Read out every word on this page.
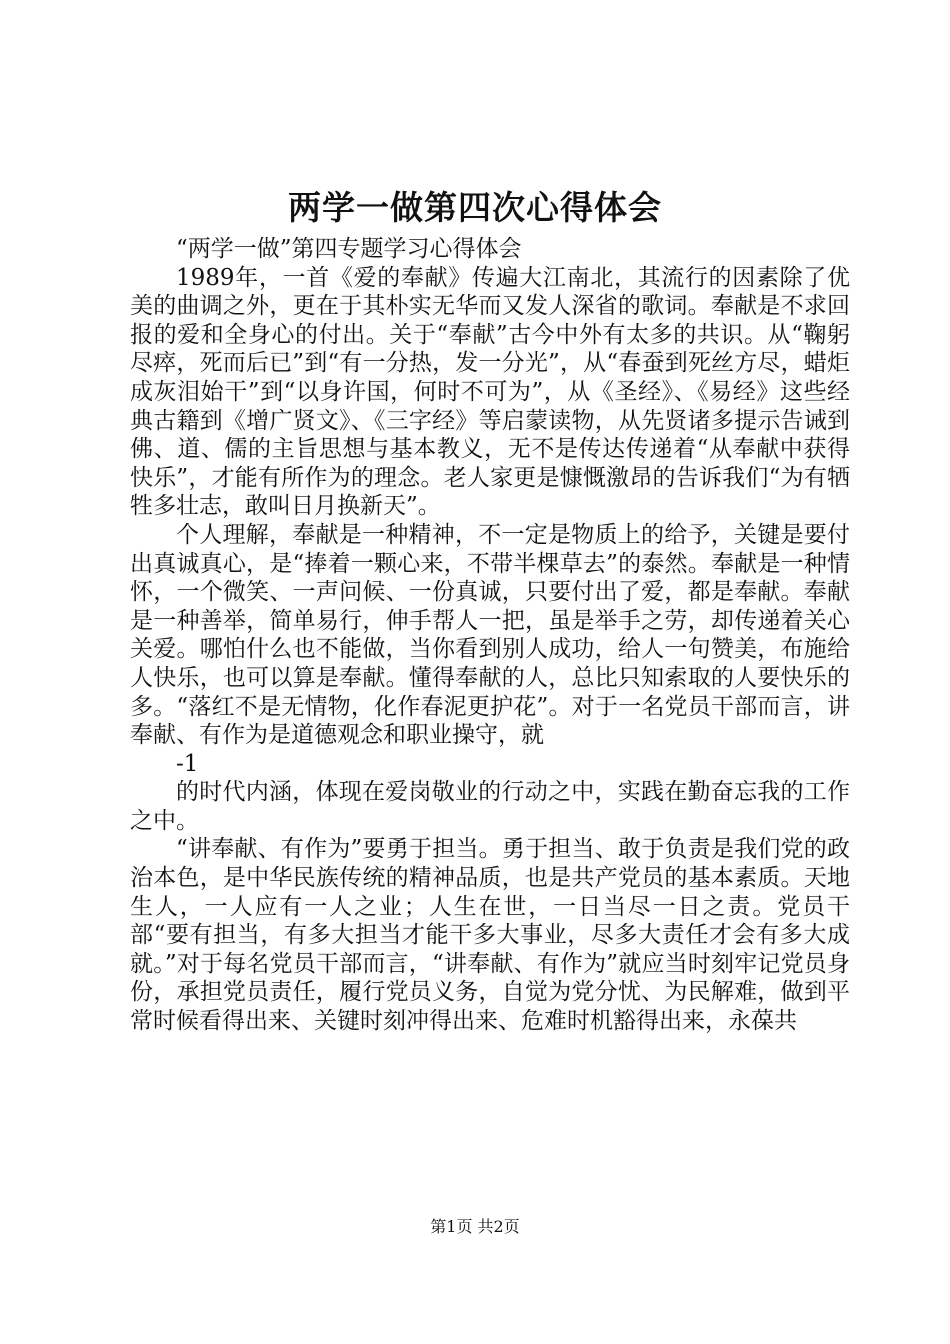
两学一做第四次心得体会

“两学一做”第四专题学习心得体会

1989年，一首《爱的奉献》传遍大江南北，其流行的因素除了优美的曲调之外，更在于其朴实无华而又发人深省的歌词。奉献是不求回报的爱和全身心的付出。关于“奉献”古今中外有太多的共识。从“鞠躬尽瘁，死而后已”到“有一分热，发一分光”，从“春蚕到死丝方尽，蜡炬成灰泪始干”到“以身许国，何时不可为”，从《圣经》、《易经》这些经典古籍到《增广贤文》、《三字经》等启蒙读物，从先贤诸多提示告诫到佛、道、儒的主旨思想与基本教义，无不是传达传递着“从奉献中获得快乐”，才能有所作为的理念。老人家更是慷慨激昂的告诉我们“为有牺牲多壮志，敢叫日月换新天”。

个人理解，奉献是一种精神，不一定是物质上的给予，关键是要付出真诚真心，是“捧着一颗心来，不带半棵草去”的泰然。奉献是一种情怀，一个微笑、一声问候、一份真诚，只要付出了爱，都是奉献。奉献是一种善举，简单易行，伸手帮人一把，虽是举手之劳，却传递着关心关爱。哪怕什么也不能做，当你看到别人成功，给人一句赞美，布施给人快乐，也可以算是奉献。懂得奉献的人，总比只知索取的人要快乐的多。“落红不是无情物，化作春泥更护花”。对于一名党员干部而言，讲奉献、有作为是道德观念和职业操守，就

-1

的时代内涵，体现在爱岗敬业的行动之中，实践在勤奋忘我的工作之中。

“讲奉献、有作为”要勇于担当。勇于担当、敢于负责是我们党的政治本色，是中华民族传统的精神品质，也是共产党员的基本素质。天地生人，一人应有一人之业；人生在世，一日当尽一日之责。党员干部“要有担当，有多大担当才能干多大事业，尽多大责任才会有多大成就。”对于每名党员干部而言，“讲奉献、有作为”就应当时刻牢记党员身份，承担党员责任，履行党员义务，自觉为党分忧、为民解难，做到平常时候看得出来、关键时刻冲得出来、危难时机豁得出来，永葆共

第1页 共2页
